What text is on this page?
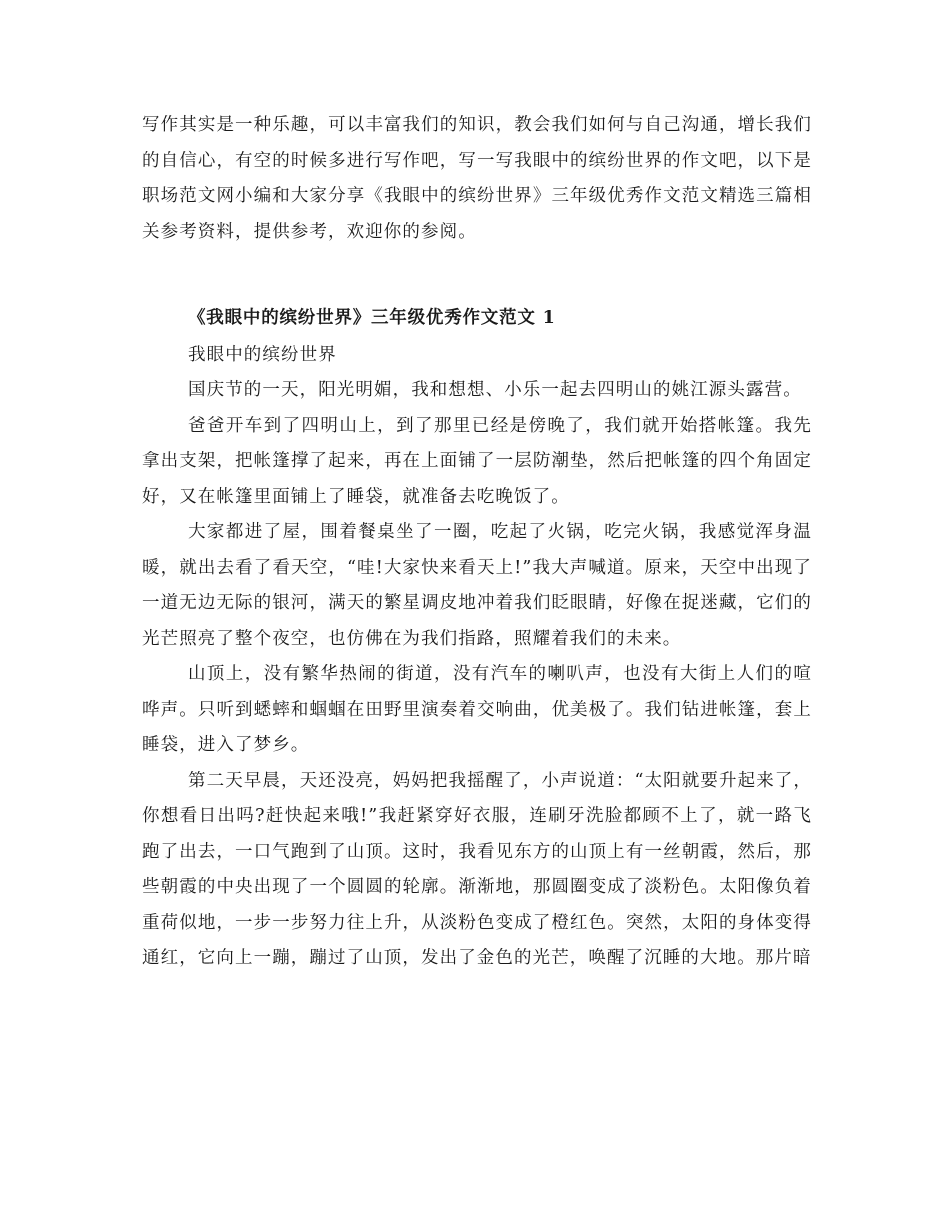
写作其实是一种乐趣，可以丰富我们的知识，教会我们如何与自己沟通，增长我们的自信心，有空的时候多进行写作吧，写一写我眼中的缤纷世界的作文吧，以下是职场范文网小编和大家分享《我眼中的缤纷世界》三年级优秀作文范文精选三篇相关参考资料，提供参考，欢迎你的参阅。

《我眼中的缤纷世界》三年级优秀作文范文 1

我眼中的缤纷世界

国庆节的一天，阳光明媚，我和想想、小乐一起去四明山的姚江源头露营。

爸爸开车到了四明山上，到了那里已经是傍晚了，我们就开始搭帐篷。我先拿出支架，把帐篷撑了起来，再在上面铺了一层防潮垫，然后把帐篷的四个角固定好，又在帐篷里面铺上了睡袋，就准备去吃晚饭了。

大家都进了屋，围着餐桌坐了一圈，吃起了火锅，吃完火锅，我感觉浑身温暖，就出去看了看天空，“哇!大家快来看天上!”我大声喊道。原来，天空中出现了一道无边无际的银河，满天的繁星调皮地冲着我们眨眼睛，好像在捉迷藏，它们的光芒照亮了整个夜空，也仿佛在为我们指路，照耀着我们的未来。

山顶上，没有繁华热闹的街道，没有汽车的喇叭声，也没有大街上人们的喧哗声。只听到蟋蟀和蝈蝈在田野里演奏着交响曲，优美极了。我们钻进帐篷，套上睡袋，进入了梦乡。

第二天早晨，天还没亮，妈妈把我摇醒了，小声说道：“太阳就要升起来了，你想看日出吗?赶快起来哦!”我赶紧穿好衣服，连刷牙洗脸都顾不上了，就一路飞跑了出去，一口气跑到了山顶。这时，我看见东方的山顶上有一丝朝霞，然后，那些朝霞的中央出现了一个圆圆的轮廓。渐渐地，那圆圈变成了淡粉色。太阳像负着重荷似地，一步一步努力往上升，从淡粉色变成了橙红色。突然，太阳的身体变得通红，它向上一蹦，蹦过了山顶，发出了金色的光芒，唤醒了沉睡的大地。那片暗
